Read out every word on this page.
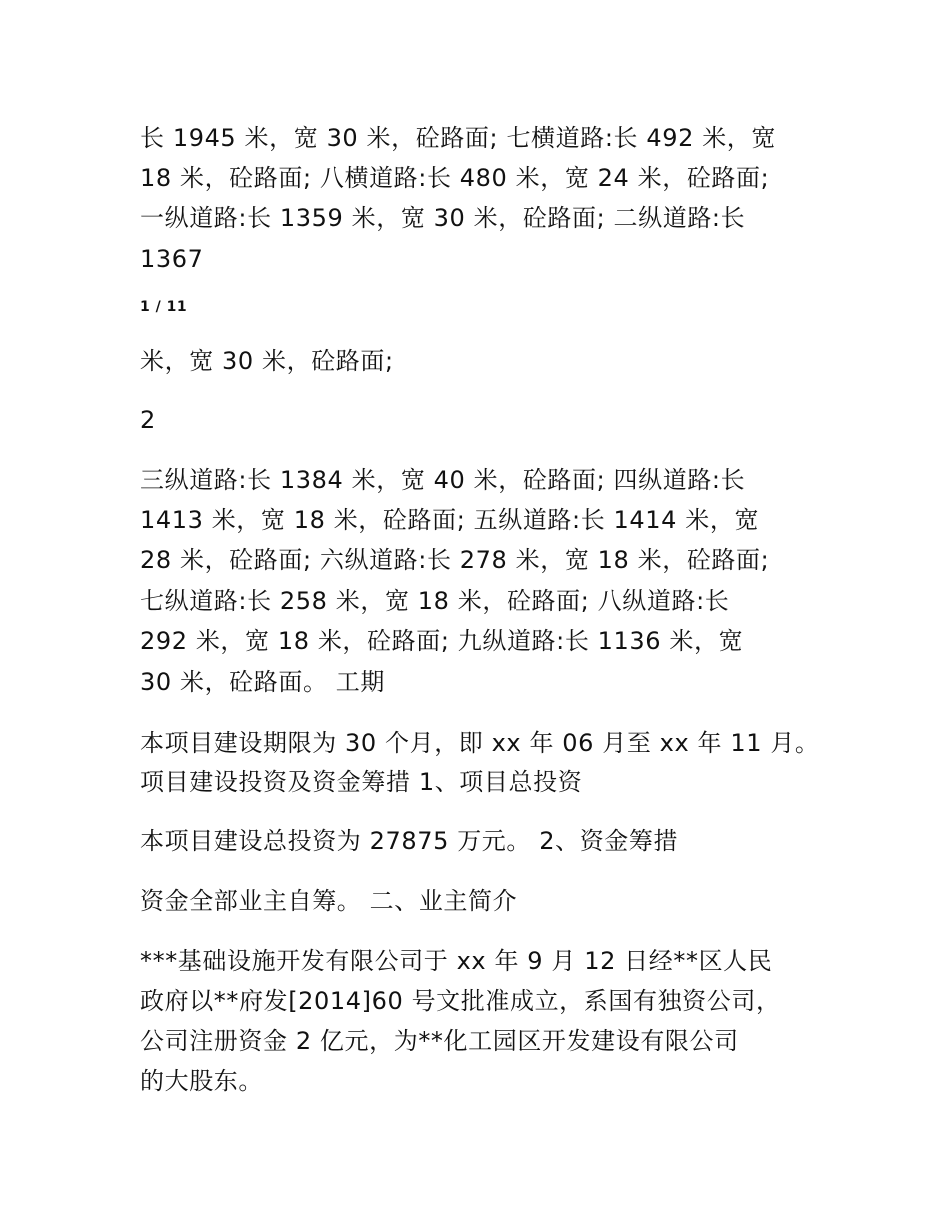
长 1945 米，宽 30 米，砼路面; 七横道路:长 492 米，宽
18 米，砼路面; 八横道路:长 480 米，宽 24 米，砼路面;
一纵道路:长 1359 米，宽 30 米，砼路面; 二纵道路:长
1367
1 / 11
米，宽 30 米，砼路面;
2
三纵道路:长 1384 米，宽 40 米，砼路面; 四纵道路:长
1413 米，宽 18 米，砼路面; 五纵道路:长 1414 米，宽
28 米，砼路面; 六纵道路:长 278 米，宽 18 米，砼路面;
七纵道路:长 258 米，宽 18 米，砼路面; 八纵道路:长
292 米，宽 18 米，砼路面; 九纵道路:长 1136 米，宽
30 米，砼路面。 工期
本项目建设期限为 30 个月，即 xx 年 06 月至 xx 年 11 月。
项目建设投资及资金筹措 1、项目总投资
本项目建设总投资为 27875 万元。 2、资金筹措
资金全部业主自筹。 二、业主简介
***基础设施开发有限公司于 xx 年 9 月 12 日经**区人民
政府以**府发[2014]60 号文批准成立，系国有独资公司，
公司注册资金 2 亿元，为**化工园区开发建设有限公司
的大股东。
